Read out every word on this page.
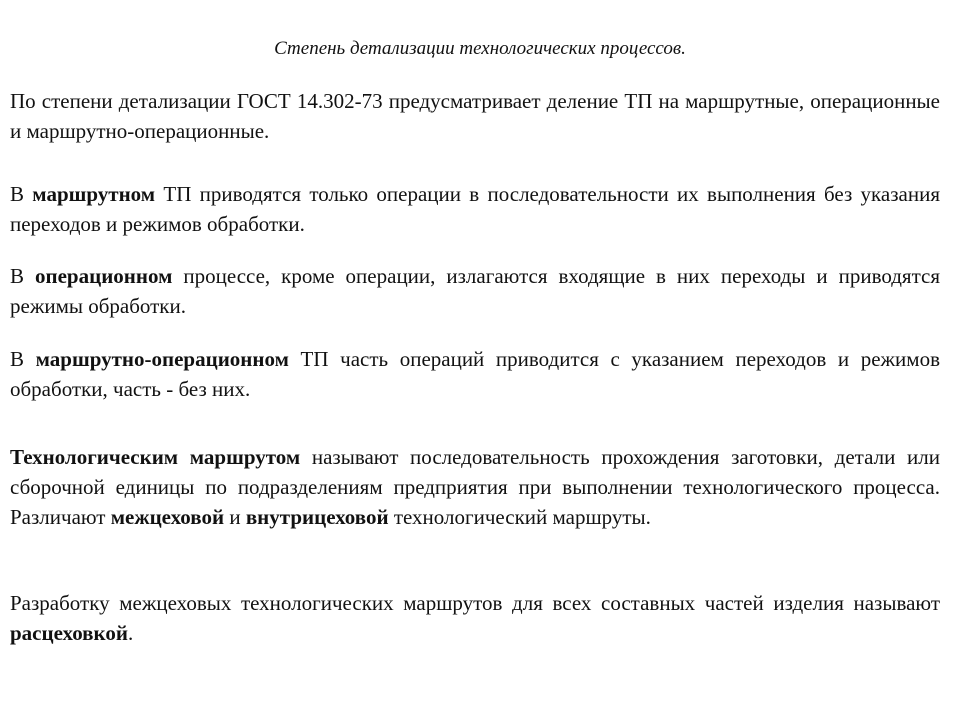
Степень детализации технологических процессов.

По степени детализации ГОСТ 14.302-73 предусматривает деление ТП на маршрутные, операционные и маршрутно-операционные.

В маршрутном ТП приводятся только операции в последовательности их выполнения без указания переходов и режимов обработки.

В операционном процессе, кроме операции, излагаются входящие в них переходы и приводятся режимы обработки.

В маршрутно-операционном ТП часть операций приводится с указанием переходов и режимов обработки, часть - без них.

Технологическим маршрутом называют последовательность прохождения заготовки, детали или сборочной единицы по подразделениям предприятия при выполнении технологического процесса. Различают межцеховой и внутрицеховой технологический маршруты.

Разработку межцеховых технологических маршрутов для всех составных частей изделия называют расцеховкой.
